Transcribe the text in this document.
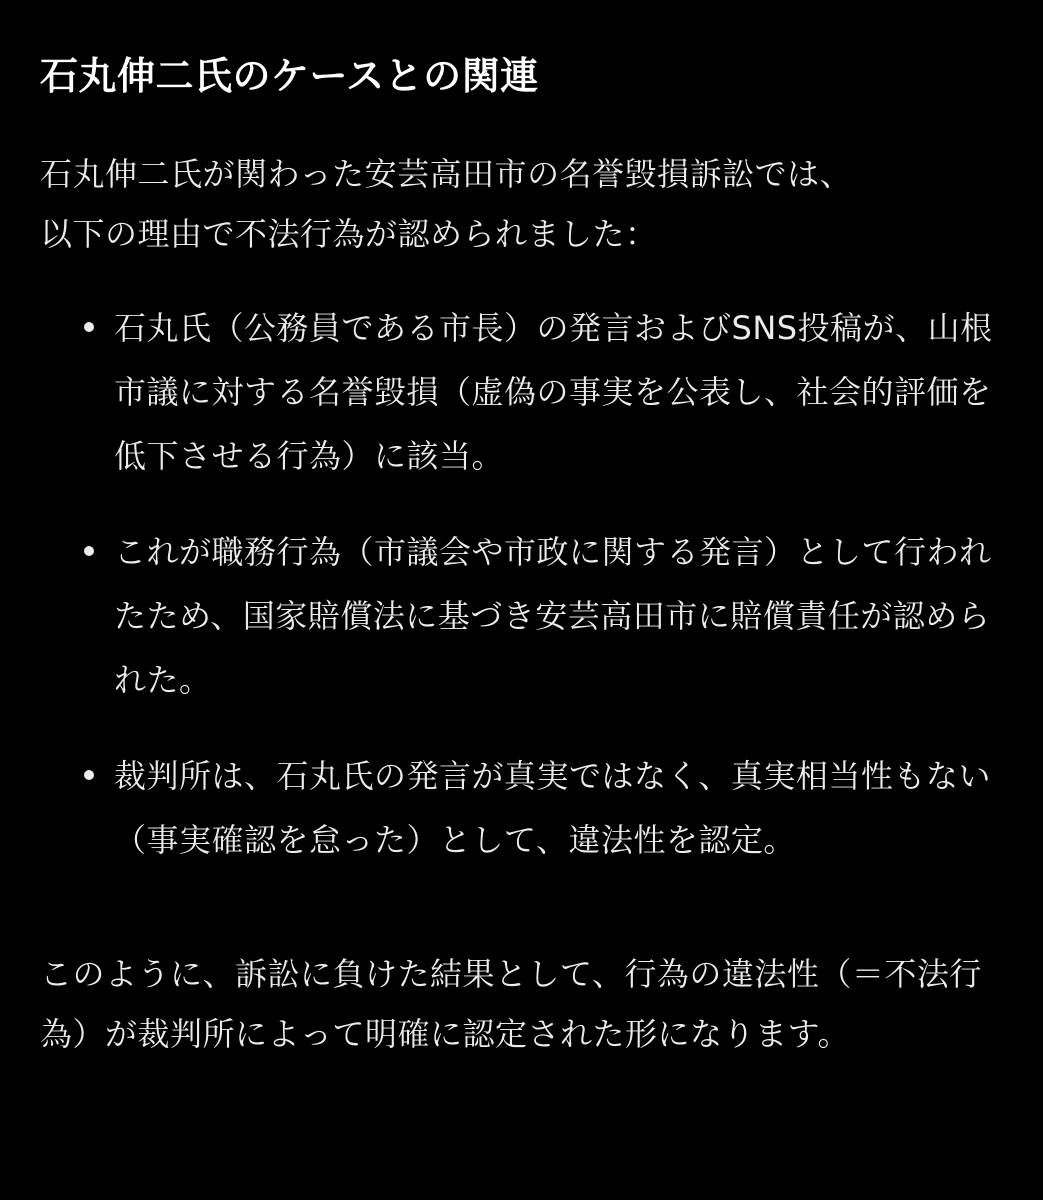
石丸伸二氏のケースとの関連

石丸伸二氏が関わった安芸高田市の名誉毀損訴訟では、
以下の理由で不法行為が認められました：

石丸氏（公務員である市長）の発言およびSNS投稿が、山根市議に対する名誉毀損（虚偽の事実を公表し、社会的評価を低下させる行為）に該当。
これが職務行為（市議会や市政に関する発言）として行われたため、国家賠償法に基づき安芸高田市に賠償責任が認められた。
裁判所は、石丸氏の発言が真実ではなく、真実相当性もない（事実確認を怠った）として、違法性を認定。

このように、訴訟に負けた結果として、行為の違法性（＝不法行為）が裁判所によって明確に認定された形になります。
